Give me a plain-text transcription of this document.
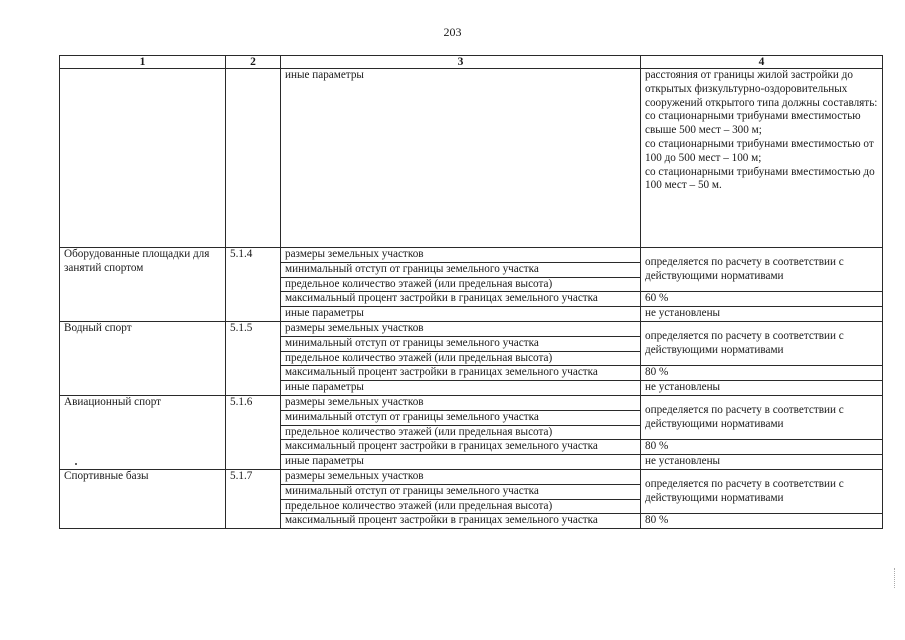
203
1	2	3	4
		иные параметры	расстояния от границы жилой застройки до открытых физкультурно-оздоровительных сооружений открытого типа должны составлять:
со стационарными трибунами вместимостью свыше 500 мест – 300 м;
со стационарными трибунами вместимостью от 100 до 500 мест – 100 м;
со стационарными трибунами вместимостью до 100 мест – 50 м.
Оборудованные площадки для занятий спортом	5.1.4	размеры земельных участков	определяется по расчету в соответствии с действующими нормативами
		минимальный отступ от границы земельного участка	
		предельное количество этажей (или предельная высота)	
		максимальный процент застройки в границах земельного участка	60 %
		иные параметры	не установлены
Водный спорт	5.1.5	размеры земельных участков	определяется по расчету в соответствии с действующими нормативами
		минимальный отступ от границы земельного участка	
		предельное количество этажей (или предельная высота)	
		максимальный процент застройки в границах земельного участка	80 %
		иные параметры	не установлены
Авиационный спорт	5.1.6	размеры земельных участков	определяется по расчету в соответствии с действующими нормативами
		минимальный отступ от границы земельного участка	
		предельное количество этажей (или предельная высота)	
		максимальный процент застройки в границах земельного участка	80 %
		иные параметры	не установлены
Спортивные базы	5.1.7	размеры земельных участков	определяется по расчету в соответствии с действующими нормативами
		минимальный отступ от границы земельного участка	
		предельное количество этажей (или предельная высота)	
		максимальный процент застройки в границах земельного участка	80 %
